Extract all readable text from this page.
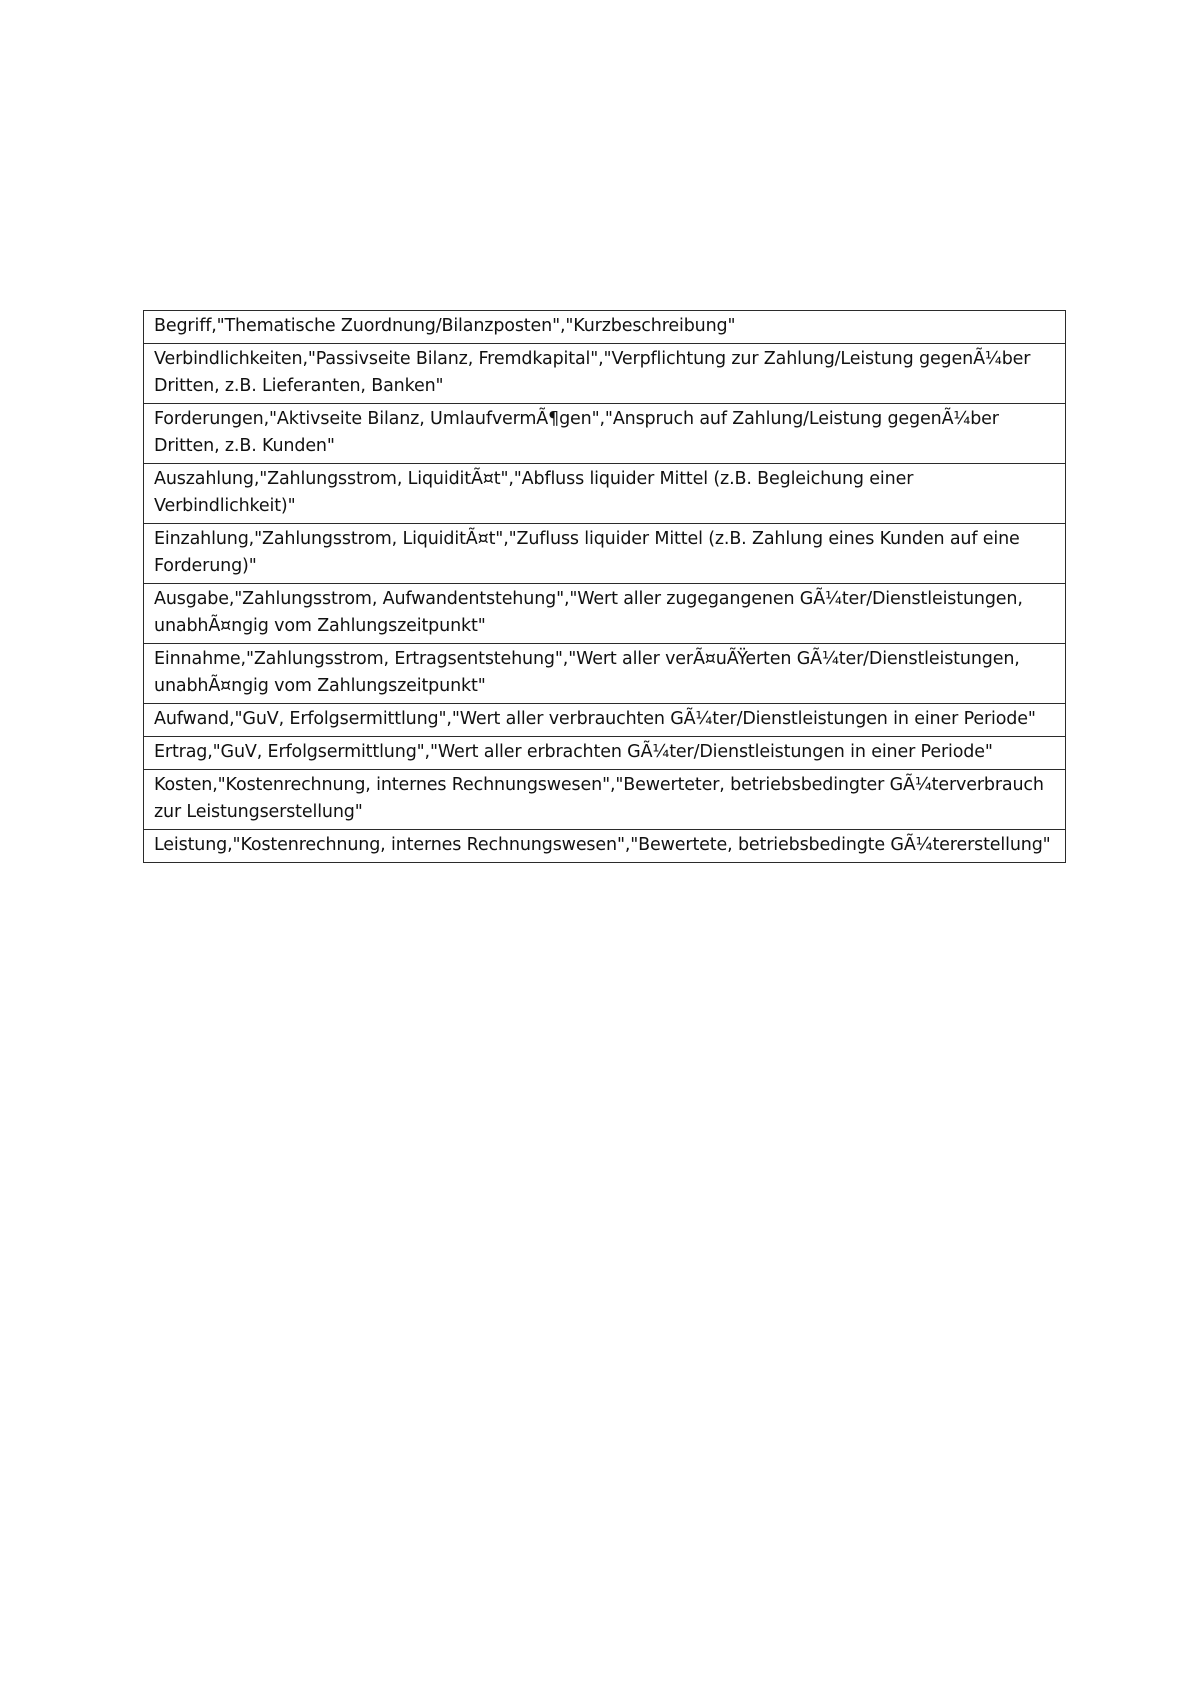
Begriff,"Thematische Zuordnung/Bilanzposten","Kurzbeschreibung"
Verbindlichkeiten,"Passivseite Bilanz, Fremdkapital","Verpflichtung zur Zahlung/Leistung gegenÃ¼ber Dritten, z.B. Lieferanten, Banken"
Forderungen,"Aktivseite Bilanz, UmlaufvermÃ¶gen","Anspruch auf Zahlung/Leistung gegenÃ¼ber Dritten, z.B. Kunden"
Auszahlung,"Zahlungsstrom, LiquiditÃ¤t","Abfluss liquider Mittel (z.B. Begleichung einer Verbindlichkeit)"
Einzahlung,"Zahlungsstrom, LiquiditÃ¤t","Zufluss liquider Mittel (z.B. Zahlung eines Kunden auf eine Forderung)"
Ausgabe,"Zahlungsstrom, Aufwandentstehung","Wert aller zugegangenen GÃ¼ter/Dienstleistungen, unabhÃ¤ngig vom Zahlungszeitpunkt"
Einnahme,"Zahlungsstrom, Ertragsentstehung","Wert aller verÃ¤uÃŸerten GÃ¼ter/Dienstleistungen, unabhÃ¤ngig vom Zahlungszeitpunkt"
Aufwand,"GuV, Erfolgsermittlung","Wert aller verbrauchten GÃ¼ter/Dienstleistungen in einer Periode"
Ertrag,"GuV, Erfolgsermittlung","Wert aller erbrachten GÃ¼ter/Dienstleistungen in einer Periode"
Kosten,"Kostenrechnung, internes Rechnungswesen","Bewerteter, betriebsbedingter GÃ¼terverbrauch zur Leistungserstellung"
Leistung,"Kostenrechnung, internes Rechnungswesen","Bewertete, betriebsbedingte GÃ¼tererstellung"
